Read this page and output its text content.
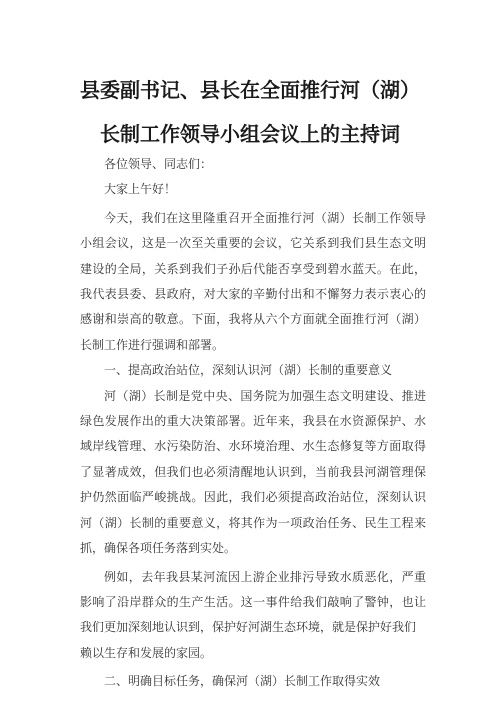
县委副书记、县长在全面推行河（湖）
长制工作领导小组会议上的主持词

各位领导、同志们：

大家上午好！

今天，我们在这里隆重召开全面推行河（湖）长制工作领导小组会议，这是一次至关重要的会议，它关系到我们县生态文明建设的全局，关系到我们子孙后代能否享受到碧水蓝天。在此，我代表县委、县政府，对大家的辛勤付出和不懈努力表示衷心的感谢和崇高的敬意。下面，我将从六个方面就全面推行河（湖）长制工作进行强调和部署。

一、提高政治站位，深刻认识河（湖）长制的重要意义

河（湖）长制是党中央、国务院为加强生态文明建设、推进绿色发展作出的重大决策部署。近年来，我县在水资源保护、水域岸线管理、水污染防治、水环境治理、水生态修复等方面取得了显著成效，但我们也必须清醒地认识到，当前我县河湖管理保护仍然面临严峻挑战。因此，我们必须提高政治站位，深刻认识河（湖）长制的重要意义，将其作为一项政治任务、民生工程来抓，确保各项任务落到实处。

例如，去年我县某河流因上游企业排污导致水质恶化，严重影响了沿岸群众的生产生活。这一事件给我们敲响了警钟，也让我们更加深刻地认识到，保护好河湖生态环境，就是保护好我们

赖以生存和发展的家园。

二、明确目标任务，确保河（湖）长制工作取得实效
